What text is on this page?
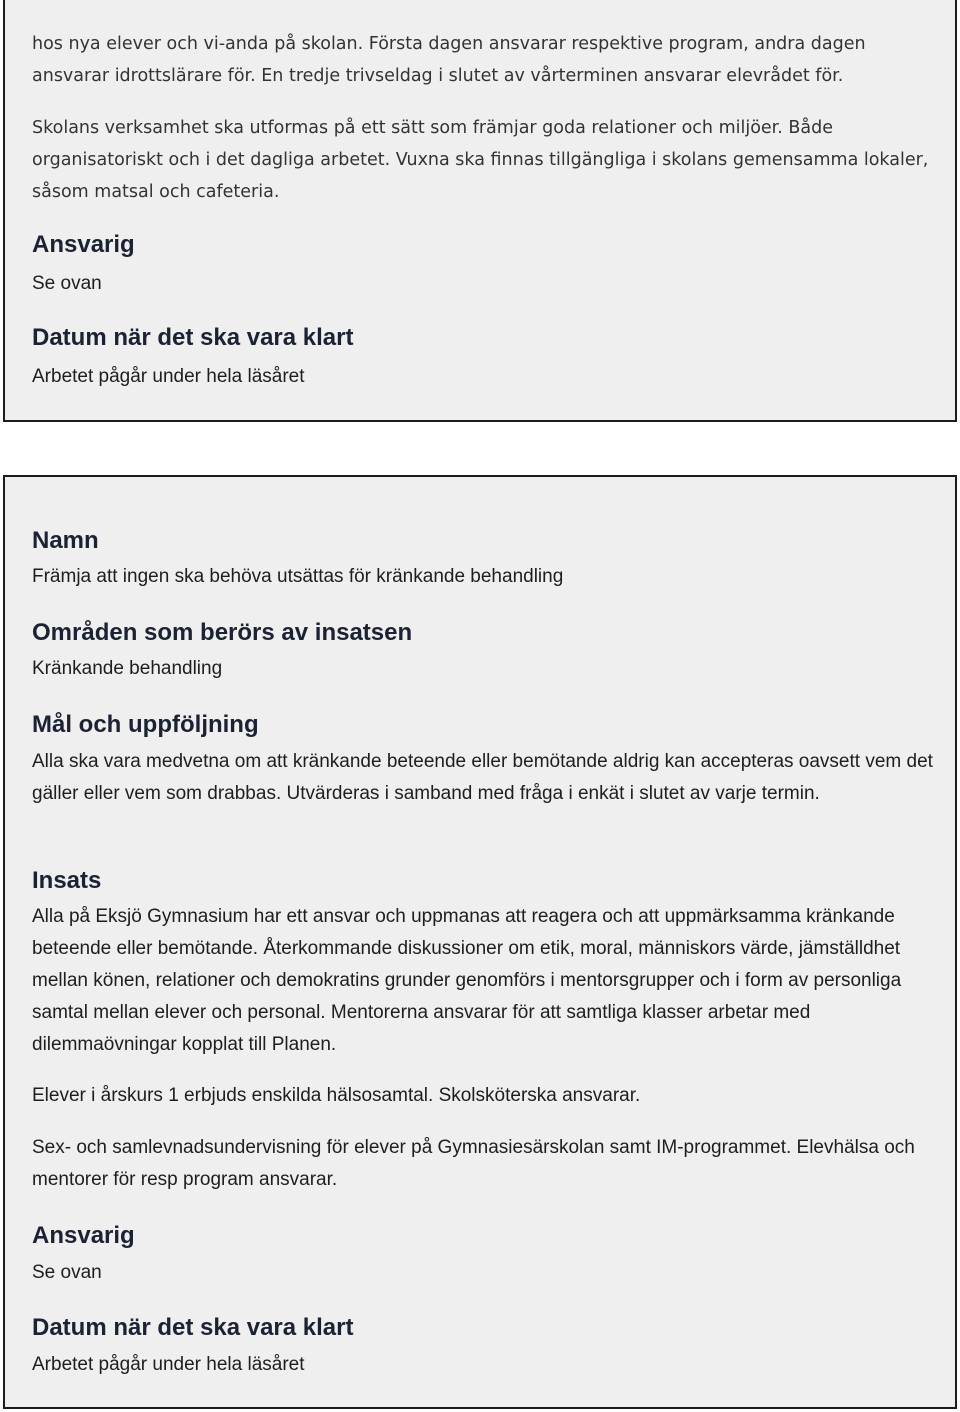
hos nya elever och vi-anda på skolan. Första dagen ansvarar respektive program, andra dagen ansvarar idrottslärare för. En tredje trivseldag i slutet av vårterminen ansvarar elevrådet för.

Skolans verksamhet ska utformas på ett sätt som främjar goda relationer och miljöer. Både organisatoriskt och i det dagliga arbetet. Vuxna ska finnas tillgängliga i skolans gemensamma lokaler, såsom matsal och cafeteria.

Ansvarig

Se ovan

Datum när det ska vara klart

Arbetet pågår under hela läsåret

Namn

Främja att ingen ska behöva utsättas för kränkande behandling

Områden som berörs av insatsen

Kränkande behandling

Mål och uppföljning

Alla ska vara medvetna om att kränkande beteende eller bemötande aldrig kan accepteras oavsett vem det gäller eller vem som drabbas. Utvärderas i samband med fråga i enkät i slutet av varje termin.

Insats

Alla på Eksjö Gymnasium har ett ansvar och uppmanas att reagera och att uppmärksamma kränkande beteende eller bemötande. Återkommande diskussioner om etik, moral, människors värde, jämställdhet mellan könen, relationer och demokratins grunder genomförs i mentorsgrupper och i form av personliga samtal mellan elever och personal. Mentorerna ansvarar för att samtliga klasser arbetar med dilemmaövningar kopplat till Planen.

Elever i årskurs 1 erbjuds enskilda hälsosamtal. Skolsköterska ansvarar.

Sex- och samlevnadsundervisning för elever på Gymnasiesärskolan samt IM-programmet. Elevhälsa och mentorer för resp program ansvarar.

Ansvarig

Se ovan

Datum när det ska vara klart

Arbetet pågår under hela läsåret
